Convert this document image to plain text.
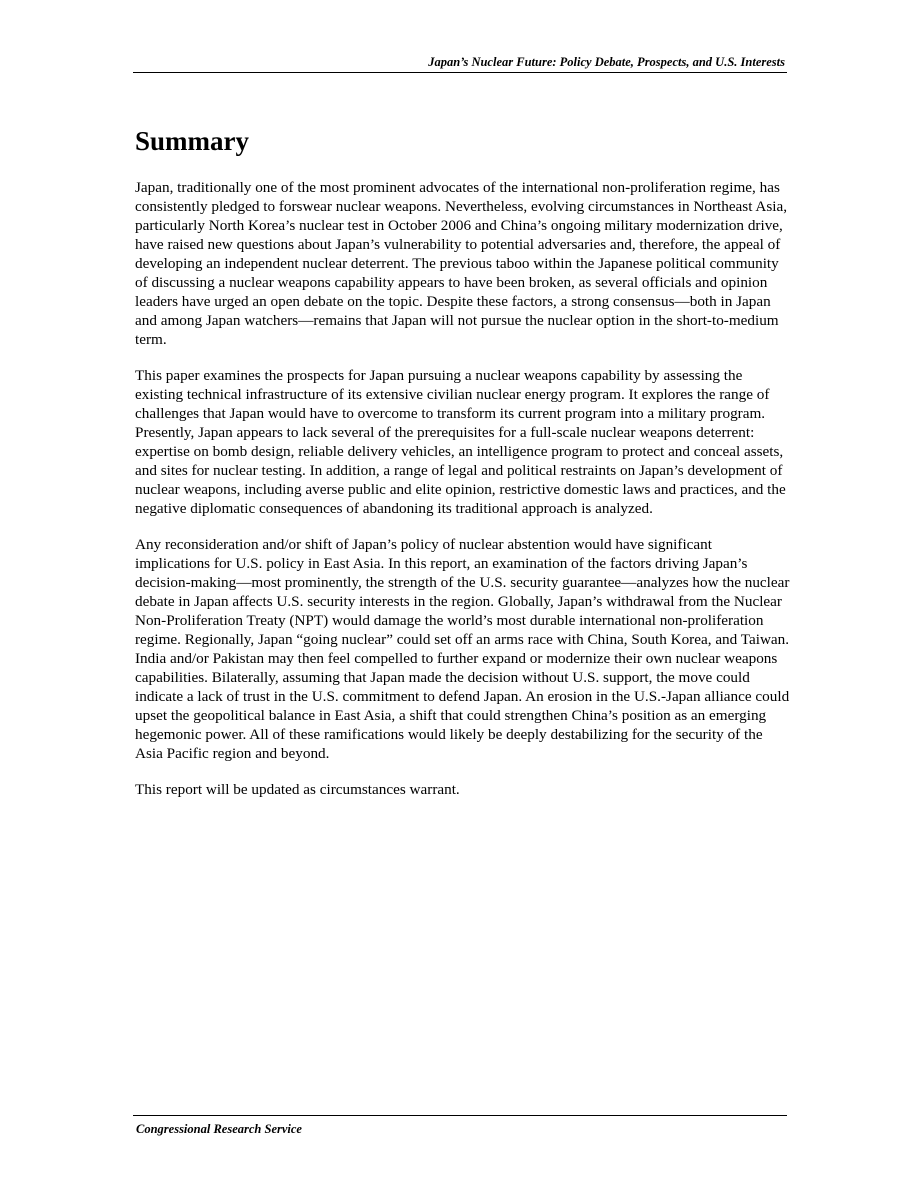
Japan’s Nuclear Future: Policy Debate, Prospects, and U.S. Interests
Summary

Japan, traditionally one of the most prominent advocates of the international non-proliferation regime, has consistently pledged to forswear nuclear weapons. Nevertheless, evolving circumstances in Northeast Asia, particularly North Korea’s nuclear test in October 2006 and China’s ongoing military modernization drive, have raised new questions about Japan’s vulnerability to potential adversaries and, therefore, the appeal of developing an independent nuclear deterrent. The previous taboo within the Japanese political community of discussing a nuclear weapons capability appears to have been broken, as several officials and opinion leaders have urged an open debate on the topic. Despite these factors, a strong consensus—both in Japan and among Japan watchers—remains that Japan will not pursue the nuclear option in the short-to-medium term.

This paper examines the prospects for Japan pursuing a nuclear weapons capability by assessing the existing technical infrastructure of its extensive civilian nuclear energy program. It explores the range of challenges that Japan would have to overcome to transform its current program into a military program. Presently, Japan appears to lack several of the prerequisites for a full-scale nuclear weapons deterrent: expertise on bomb design, reliable delivery vehicles, an intelligence program to protect and conceal assets, and sites for nuclear testing. In addition, a range of legal and political restraints on Japan’s development of nuclear weapons, including averse public and elite opinion, restrictive domestic laws and practices, and the negative diplomatic consequences of abandoning its traditional approach is analyzed.

Any reconsideration and/or shift of Japan’s policy of nuclear abstention would have significant implications for U.S. policy in East Asia. In this report, an examination of the factors driving Japan’s decision-making—most prominently, the strength of the U.S. security guarantee—analyzes how the nuclear debate in Japan affects U.S. security interests in the region. Globally, Japan’s withdrawal from the Nuclear Non-Proliferation Treaty (NPT) would damage the world’s most durable international non-proliferation regime. Regionally, Japan “going nuclear” could set off an arms race with China, South Korea, and Taiwan. India and/or Pakistan may then feel compelled to further expand or modernize their own nuclear weapons capabilities. Bilaterally, assuming that Japan made the decision without U.S. support, the move could indicate a lack of trust in the U.S. commitment to defend Japan. An erosion in the U.S.-Japan alliance could upset the geopolitical balance in East Asia, a shift that could strengthen China’s position as an emerging hegemonic power. All of these ramifications would likely be deeply destabilizing for the security of the Asia Pacific region and beyond.

This report will be updated as circumstances warrant.

Congressional Research Service
